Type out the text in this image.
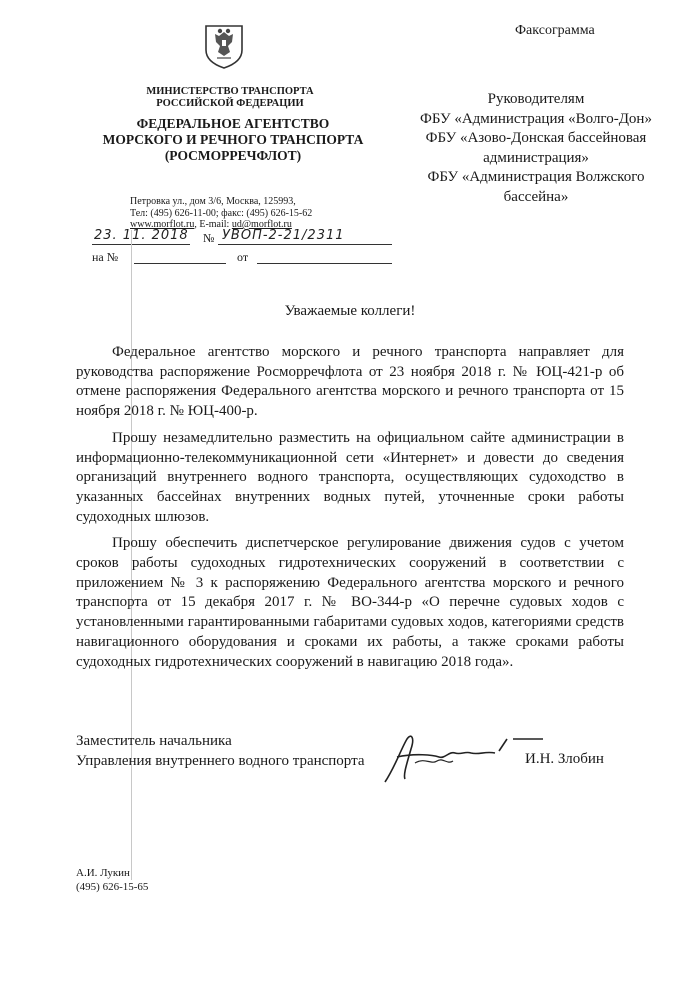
Факсограмма
МИНИСТЕРСТВО ТРАНСПОРТА
РОССИЙСКОЙ ФЕДЕРАЦИИ
ФЕДЕРАЛЬНОЕ АГЕНТСТВО
МОРСКОГО И РЕЧНОГО ТРАНСПОРТА
(РОСМОРРЕЧФЛОТ)
Петровка ул., дом 3/6, Москва, 125993,
Тел: (495) 626-11-00; факс: (495) 626-15-62
www.morflot.ru, E-mail: ud@morflot.ru
23. 11. 2018 № УВОП-2-21/2311
на №	от
Руководителям
ФБУ «Администрация «Волго-Дон»
ФБУ «Азово-Донская бассейновая
администрация»
ФБУ «Администрация Волжского
бассейна»
Уважаемые коллеги!

Федеральное агентство морского и речного транспорта направляет для руководства распоряжение Росморречфлота от 23 ноября 2018 г. № ЮЦ-421-р об отмене распоряжения Федерального агентства морского и речного транспорта от 15 ноября 2018 г. № ЮЦ-400-р.

Прошу незамедлительно разместить на официальном сайте администрации в информационно-телекоммуникационной сети «Интернет» и довести до сведения организаций внутреннего водного транспорта, осуществляющих судоходство в указанных бассейнах внутренних водных путей, уточненные сроки работы судоходных шлюзов.

Прошу обеспечить диспетчерское регулирование движения судов с учетом сроков работы судоходных гидротехнических сооружений в соответствии с приложением № 3 к распоряжению Федерального агентства морского и речного транспорта от 15 декабря 2017 г. № ВО-344-р «О перечне судовых ходов с установленными гарантированными габаритами судовых ходов, категориями средств навигационного оборудования и сроками их работы, а также сроками работы судоходных гидротехнических сооружений в навигацию 2018 года».

Заместитель начальника
Управления внутреннего водного транспорта	И.Н. Злобин
А.И. Лукин
(495) 626-15-65
